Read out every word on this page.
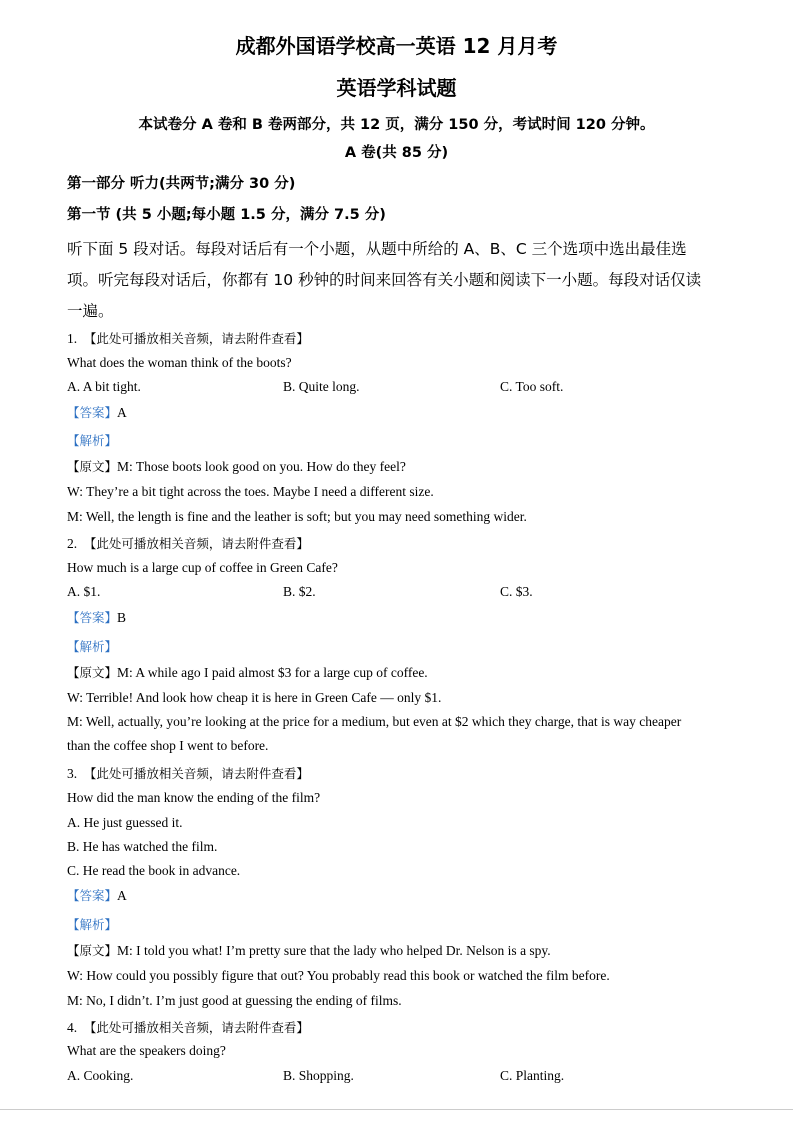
成都外国语学校高一英语 12 月月考
英语学科试题
本试卷分 A 卷和 B 卷两部分，共 12 页，满分 150 分，考试时间 120 分钟。
A 卷(共 85 分)
第一部分 听力(共两节;满分 30 分)
第一节 (共 5 小题;每小题 1.5 分，满分 7.5 分)
听下面 5 段对话。每段对话后有一个小题，从题中所给的 A、B、C 三个选项中选出最佳选
项。听完每段对话后，你都有 10 秒钟的时间来回答有关小题和阅读下一小题。每段对话仅读
一遍。
1. 【此处可播放相关音频，请去附件查看】
What does the woman think of the boots?
A. A bit tight.	B. Quite long.	C. Too soft.
【答案】A
【解析】
【原文】M: Those boots look good on you. How do they feel?
W: They’re a bit tight across the toes. Maybe I need a different size.
M: Well, the length is fine and the leather is soft; but you may need something wider.
2. 【此处可播放相关音频，请去附件查看】
How much is a large cup of coffee in Green Cafe?
A. $1.	B. $2.	C. $3.
【答案】B
【解析】
【原文】M: A while ago I paid almost $3 for a large cup of coffee.
W: Terrible! And look how cheap it is here in Green Cafe — only $1.
M: Well, actually, you’re looking at the price for a medium, but even at $2 which they charge, that is way cheaper
than the coffee shop I went to before.
3. 【此处可播放相关音频，请去附件查看】
How did the man know the ending of the film?
A. He just guessed it.
B. He has watched the film.
C. He read the book in advance.
【答案】A
【解析】
【原文】M: I told you what! I’m pretty sure that the lady who helped Dr. Nelson is a spy.
W: How could you possibly figure that out? You probably read this book or watched the film before.
M: No, I didn’t. I’m just good at guessing the ending of films.
4. 【此处可播放相关音频，请去附件查看】
What are the speakers doing?
A. Cooking.	B. Shopping.	C. Planting.
